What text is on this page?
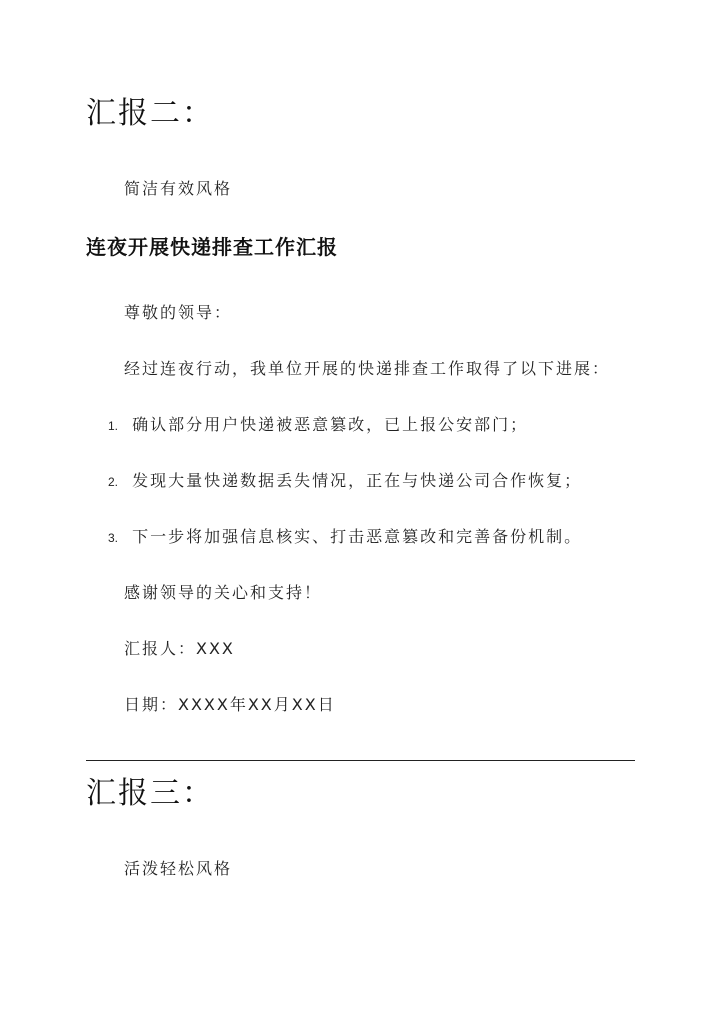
汇报二：
简洁有效风格
连夜开展快递排查工作汇报
尊敬的领导：
经过连夜行动，我单位开展的快递排查工作取得了以下进展：
1. 确认部分用户快递被恶意篡改，已上报公安部门；
2. 发现大量快递数据丢失情况，正在与快递公司合作恢复；
3. 下一步将加强信息核实、打击恶意篡改和完善备份机制。
感谢领导的关心和支持！
汇报人：XXX
日期：XXXX年XX月XX日
汇报三：
活泼轻松风格
